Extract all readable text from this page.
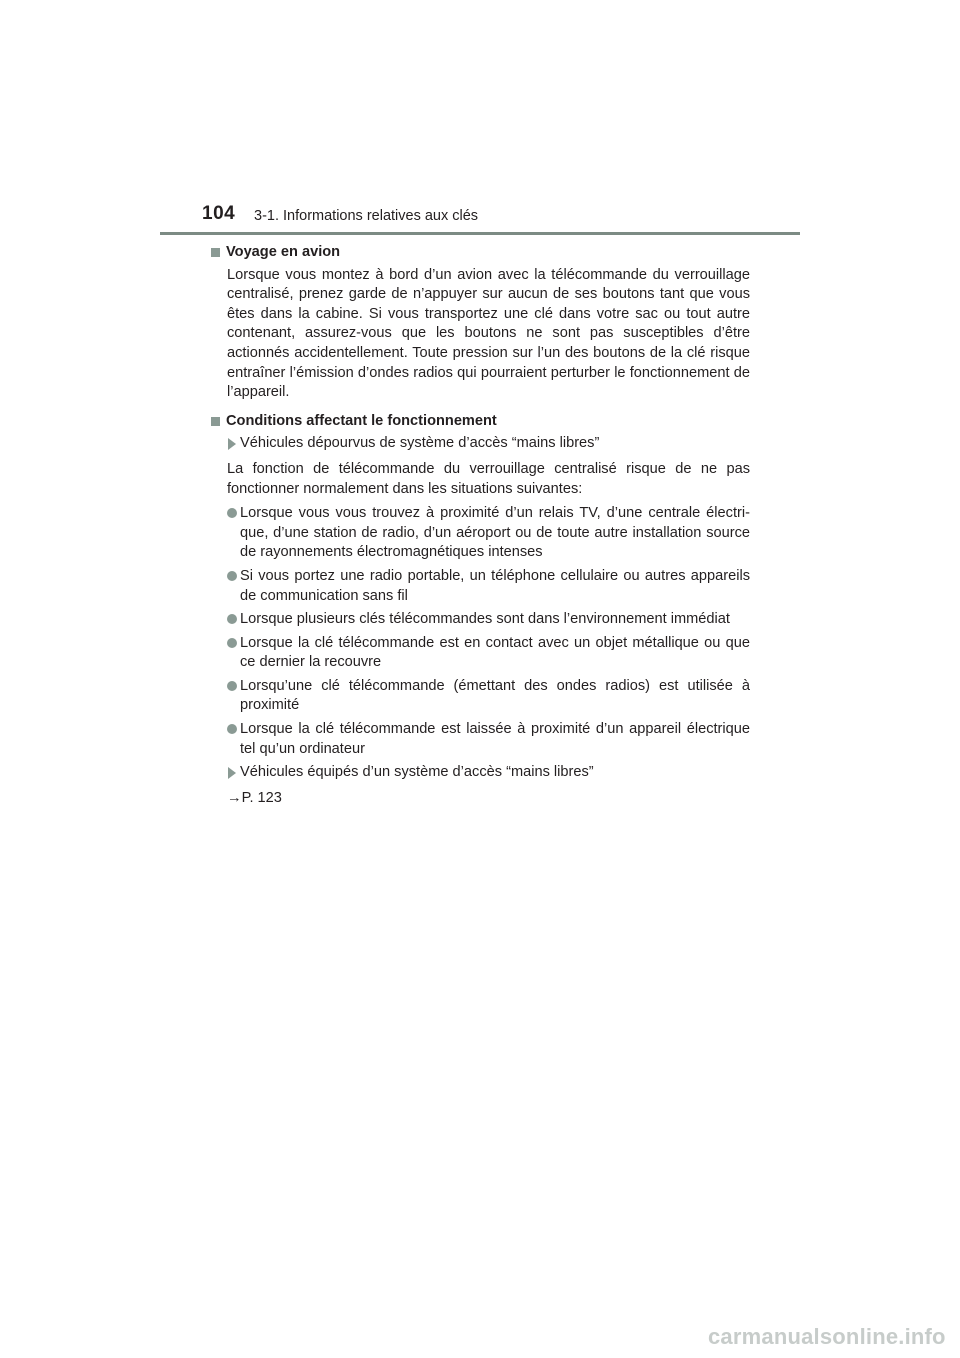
104 3-1. Informations relatives aux clés
Voyage en avion

Lorsque vous montez à bord d’un avion avec la télécommande du verrouillage centralisé, prenez garde de n’appuyer sur aucun de ses boutons tant que vous êtes dans la cabine. Si vous transportez une clé dans votre sac ou tout autre contenant, assurez-vous que les boutons ne sont pas susceptibles d’être actionnés accidentellement. Toute pression sur l’un des boutons de la clé risque entraîner l’émission d’ondes radios qui pourraient perturber le fonctionnement de l’appareil.

Conditions affectant le fonctionnement
Véhicules dépourvus de système d’accès “mains libres”

La fonction de télécommande du verrouillage centralisé risque de ne pas fonctionner normalement dans les situations suivantes:

Lorsque vous vous trouvez à proximité d’un relais TV, d’une centrale électrique, d’une station de radio, d’un aéroport ou de toute autre installation source de rayonnements électromagnétiques intenses
Si vous portez une radio portable, un téléphone cellulaire ou autres appareils de communication sans fil
Lorsque plusieurs clés télécommandes sont dans l’environnement immédiat
Lorsque la clé télécommande est en contact avec un objet métallique ou que ce dernier la recouvre
Lorsqu’une clé télécommande (émettant des ondes radios) est utilisée à proximité
Lorsque la clé télécommande est laissée à proximité d’un appareil électrique tel qu’un ordinateur
Véhicules équipés d’un système d’accès “mains libres”

→P. 123

carmanualsonline.info
